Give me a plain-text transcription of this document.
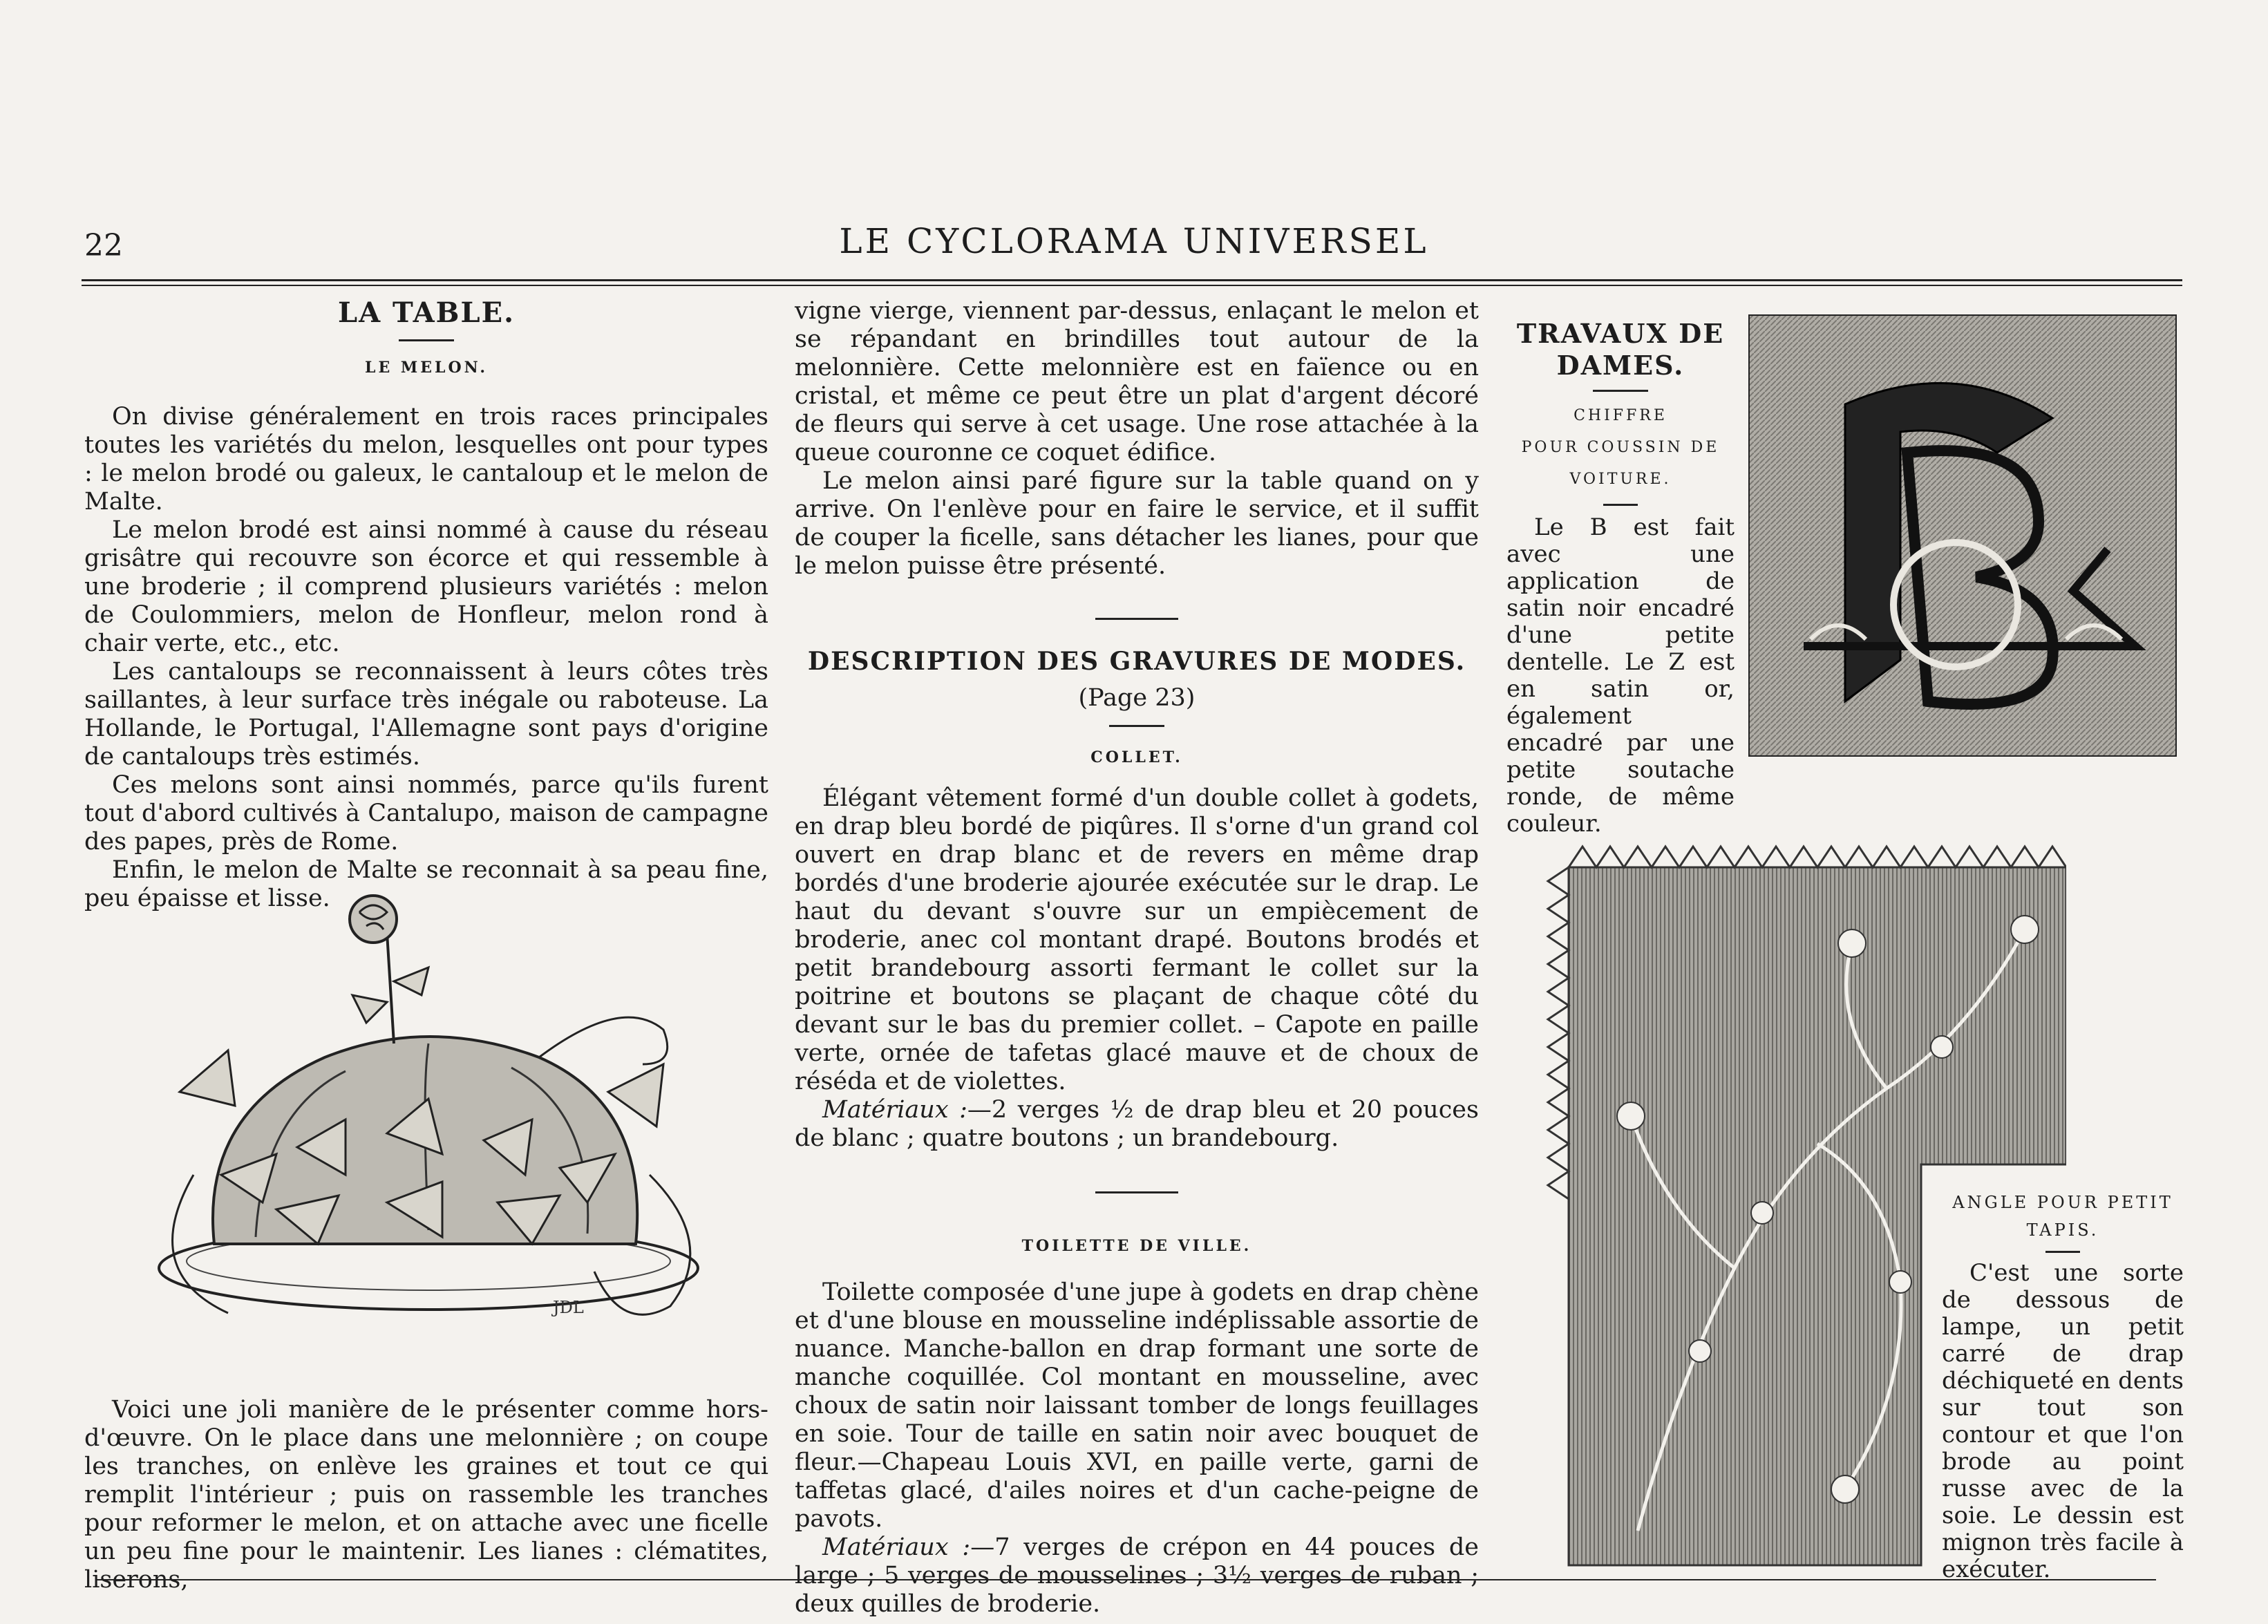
22	LE CYCLORAMA UNIVERSEL
LA TABLE.
LE MELON.

On divise généralement en trois races principales toutes les variétés du melon, lesquelles ont pour types : le melon brodé ou galeux, le cantaloup et le melon de Malte.

Le melon brodé est ainsi nommé à cause du réseau grisâtre qui recouvre son écorce et qui ressemble à une broderie ; il comprend plusieurs variétés : melon de Coulommiers, melon de Honfleur, melon rond à chair verte, etc., etc.

Les cantaloups se reconnaissent à leurs côtes très saillantes, à leur surface très inégale ou raboteuse. La Hollande, le Portugal, l'Allemagne sont pays d'origine de cantaloups très estimés.

Ces melons sont ainsi nommés, parce qu'ils furent tout d'abord cultivés à Cantalupo, maison de campagne des papes, près de Rome.

Enfin, le melon de Malte se reconnait à sa peau fine, peu épaisse et lisse.

JDL

Voici une joli manière de le présenter comme hors-d'œuvre. On le place dans une melonnière ; on coupe les tranches, on enlève les graines et tout ce qui remplit l'intérieur ; puis on rassemble les tranches pour reformer le melon, et on attache avec une ficelle un peu fine pour le maintenir. Les lianes : clématites, liserons,

vigne vierge, viennent par-dessus, enlaçant le melon et se répandant en brindilles tout autour de la melonnière. Cette melonnière est en faïence ou en cristal, et même ce peut être un plat d'argent décoré de fleurs qui serve à cet usage. Une rose attachée à la queue couronne ce coquet édifice.

Le melon ainsi paré figure sur la table quand on y arrive. On l'enlève pour en faire le service, et il suffit de couper la ficelle, sans détacher les lianes, pour que le melon puisse être présenté.

DESCRIPTION DES GRAVURES DE MODES.
(Page 23)
COLLET.

Élégant vêtement formé d'un double collet à godets, en drap bleu bordé de piqûres. Il s'orne d'un grand col ouvert en drap blanc et de revers en même drap bordés d'une broderie ajourée exécutée sur le drap. Le haut du devant s'ouvre sur un empiècement de broderie, anec col montant drapé. Boutons brodés et petit brandebourg assorti fermant le collet sur la poitrine et boutons se plaçant de chaque côté du devant sur le bas du premier collet. – Capote en paille verte, ornée de tafetas glacé mauve et de choux de réséda et de violettes.

Matériaux :—2 verges ½ de drap bleu et 20 pouces de blanc ; quatre boutons ; un brandebourg.

TOILETTE DE VILLE.

Toilette composée d'une jupe à godets en drap chène et d'une blouse en mousseline indéplissable assortie de nuance. Manche-ballon en drap formant une sorte de manche coquillée. Col montant en mousseline, avec choux de satin noir laissant tomber de longs feuillages en soie. Tour de taille en satin noir avec bouquet de fleur.—Chapeau Louis XVI, en paille verte, garni de taffetas glacé, d'ailes noires et d'un cache-peigne de pavots.

Matériaux :—7 verges de crépon en 44 pouces de large ; 5 verges de mousselines ; 3½ verges de ruban ; deux quilles de broderie.

TRAVAUX DE
DAMES.
CHIFFRE
POUR COUSSIN DE
VOITURE.

Le B est fait avec une application de satin noir encadré d'une petite dentelle. Le Z est en satin or, également encadré par une petite soutache ronde, de même couleur.

ANGLE POUR PETIT
TAPIS.

C'est une sorte de dessous de lampe, un petit carré de drap déchiqueté en dents sur tout son contour et que l'on brode au point russe avec de la soie. Le dessin est mignon très facile à exécuter.
